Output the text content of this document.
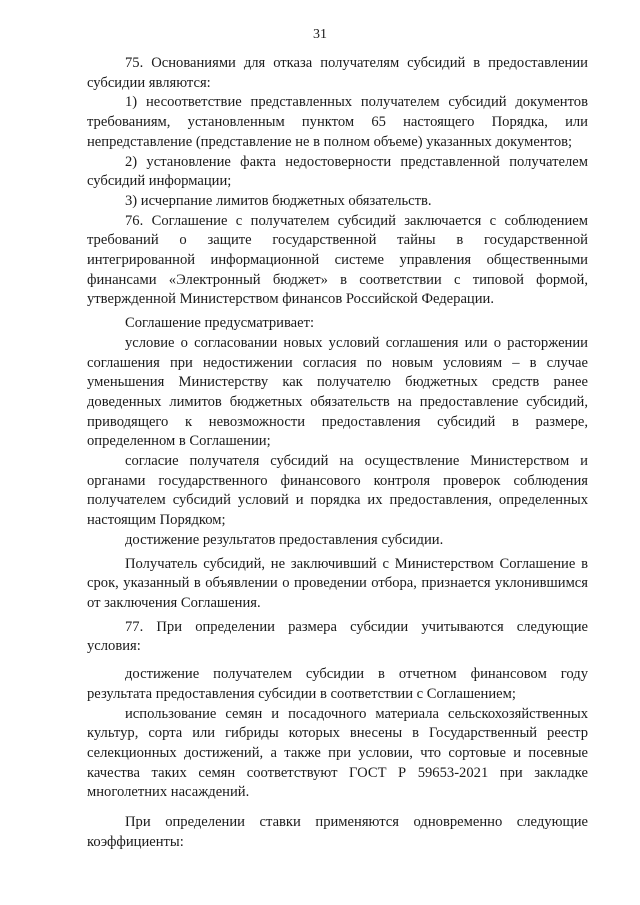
31

75. Основаниями для отказа получателям субсидий в предоставлении субсидии являются:

1) несоответствие представленных получателем субсидий документов требованиям, установленным пунктом 65 настоящего Порядка, или непредставление (представление не в полном объеме) указанных документов;

2) установление факта недостоверности представленной получателем субсидий информации;

3) исчерпание лимитов бюджетных обязательств.

76. Соглашение с получателем субсидий заключается с соблюдением требований о защите государственной тайны в государственной интегрированной информационной системе управления общественными финансами «Электронный бюджет» в соответствии с типовой формой, утвержденной Министерством финансов Российской Федерации.

Соглашение предусматривает:

условие о согласовании новых условий соглашения или о расторжении соглашения при недостижении согласия по новым условиям – в случае уменьшения Министерству как получателю бюджетных средств ранее доведенных лимитов бюджетных обязательств на предоставление субсидий, приводящего к невозможности предоставления субсидий в размере, определенном в Соглашении;

согласие получателя субсидий на осуществление Министерством и органами государственного финансового контроля проверок соблюдения получателем субсидий условий и порядка их предоставления, определенных настоящим Порядком;

достижение результатов предоставления субсидии.

Получатель субсидий, не заключивший с Министерством Соглашение в срок, указанный в объявлении о проведении отбора, признается уклонившимся от заключения Соглашения.

77. При определении размера субсидии учитываются следующие условия:

достижение получателем субсидии в отчетном финансовом году результата предоставления субсидии в соответствии с Соглашением;

использование семян и посадочного материала сельскохозяйственных культур, сорта или гибриды которых внесены в Государственный реестр селекционных достижений, а также при условии, что сортовые и посевные качества таких семян соответствуют ГОСТ Р 59653-2021 при закладке многолетних насаждений.

При определении ставки применяются одновременно следующие коэффициенты:
